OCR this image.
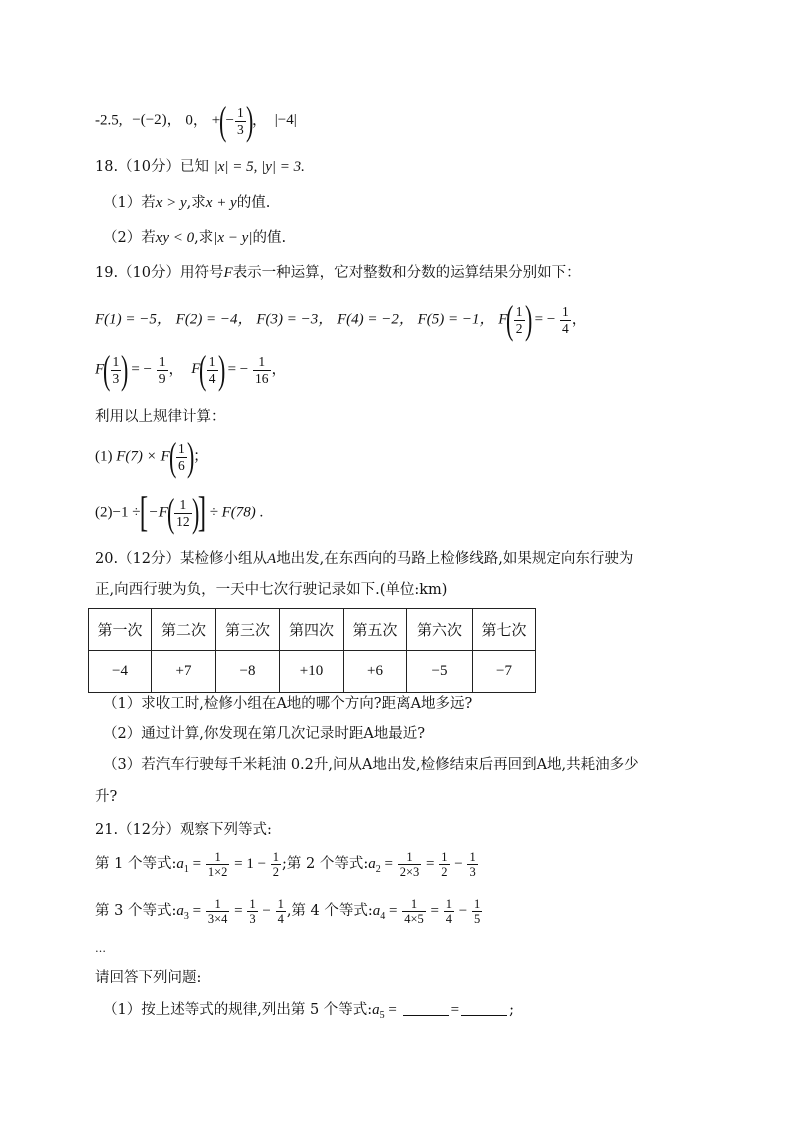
-2.5, −(−2)， 0， +(− $\frac{1}{3}$ )， |−4|
18.（10分）已知 |x| = 5, |y| = 3.
（1）若x > y,求x + y的值.
（2）若xy < 0,求|x − y|的值.
19.（10分）用符号F表示一种运算，它对整数和分数的运算结果分别如下：
F(1) = −5， F(2) = −4， F(3) = −3， F(4) = −2， F(5) = −1， $F( \frac{1}{2}$ ) = − $\frac{1}{4}$ ，
$F( \frac{1}{3}$ ) = − $\frac{1}{9}$ ， $F( \frac{1}{4}$ ) = − $\frac{1}{16}$ ，
利用以上规律计算：
(1) $F(7) \times F( \frac{1}{6}$ )；
$(2)-1 \div[-F( \frac{1}{12}$ )] ÷ F(78) .
20.（12分）某检修小组从A地出发,在东西向的马路上检修线路,如果规定向东行驶为
正,向西行驶为负，一天中七次行驶记录如下.(单位:km)
第一次	第二次	第三次	第四次	第五次	第六次	第七次
−4	+7	−8	+10	+6	−5	−7
（1）求收工时,检修小组在A地的哪个方向?距离A地多远?
（2）通过计算,你发现在第几次记录时距A地最近?
（3）若汽车行驶每千米耗油 0.2升,问从A地出发,检修结束后再回到A地,共耗油多少
升?
21.（12分）观察下列等式:
第 1 个等式$:a_1 = \frac{1}{1\times 2} = 1 - \frac{1}{2}$ ;第 2 个等式$:a_2 = \frac{1}{2\times 3} = \frac{1}{2} - \frac{1}{3}$
第 3 个等式$:a_3 = \frac{1}{3\times 4} = \frac{1}{3} - \frac{1}{4}$ ,第 4 个等式$:a_4 = \frac{1}{4\times 5} = \frac{1}{4} - \frac{1}{5}$
…
请回答下列问题:
（1）按上述等式的规律,列出第 5 个等式$:a_5$ =	=	;
